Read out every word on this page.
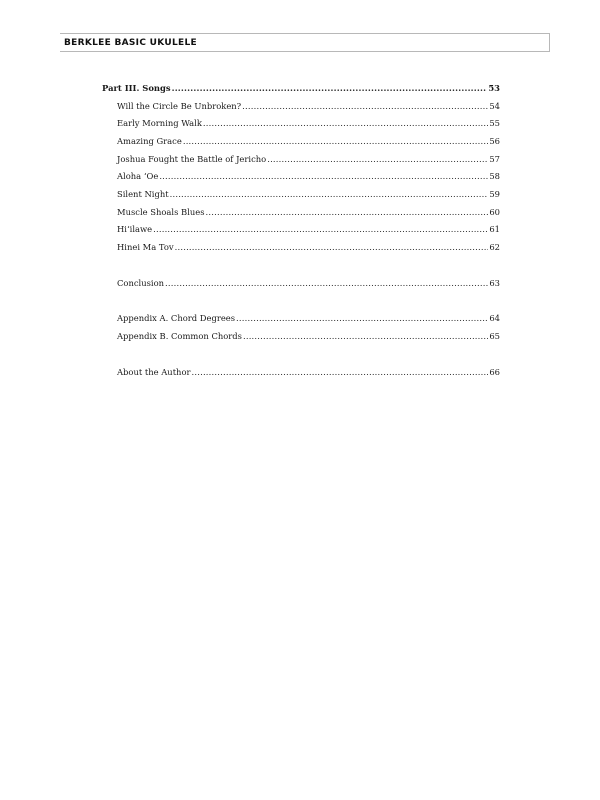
BERKLEE BASIC UKULELE
Part III. Songs .....	53
Will the Circle Be Unbroken? .....	54
Early Morning Walk .....	55
Amazing Grace .....	56
Joshua Fought the Battle of Jericho .....	57
Aloha ‘Oe .....	58
Silent Night .....	59
Muscle Shoals Blues .....	60
Hi‘ilawe .....	61
Hinei Ma Tov .....	62
Conclusion .....	63
Appendix A. Chord Degrees .....	64
Appendix B. Common Chords .....	65
About the Author .....	66
